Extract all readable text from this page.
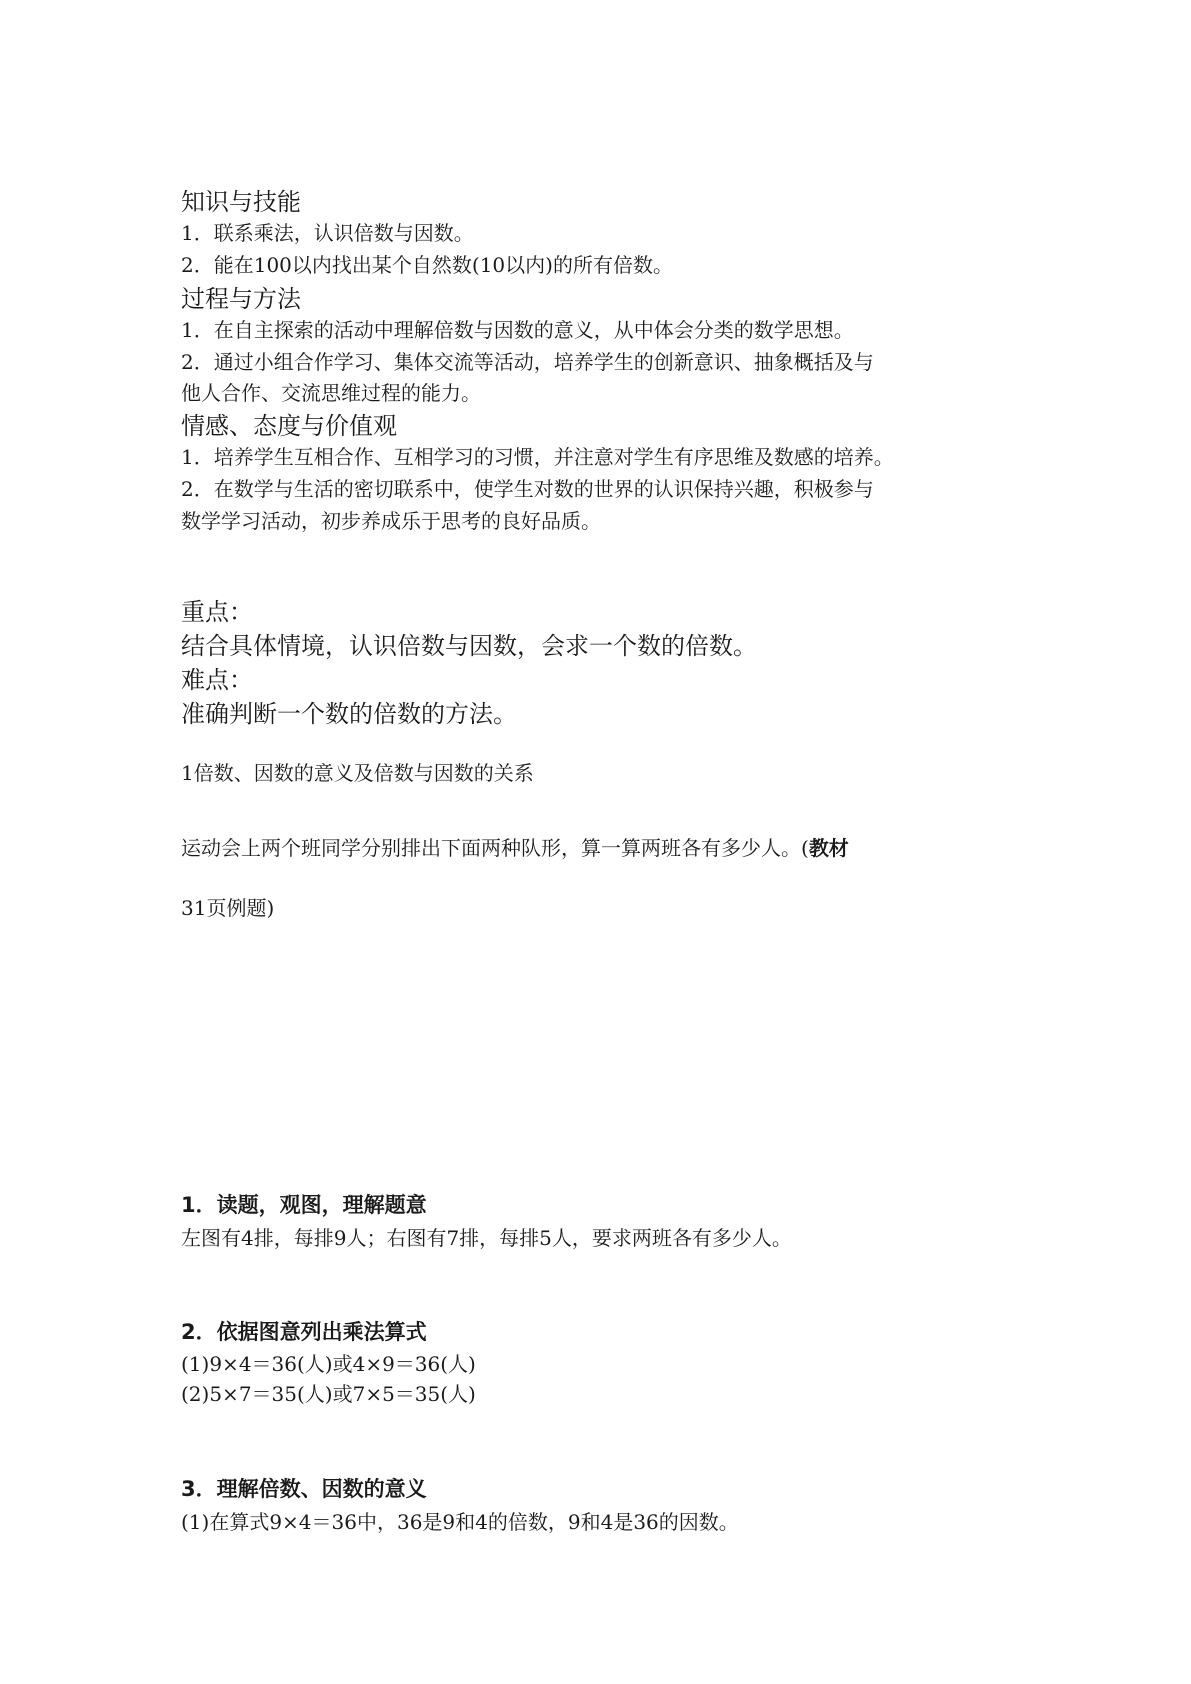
知识与技能
1．联系乘法，认识倍数与因数。
2．能在100以内找出某个自然数(10以内)的所有倍数。
过程与方法
1．在自主探索的活动中理解倍数与因数的意义，从中体会分类的数学思想。
2．通过小组合作学习、集体交流等活动，培养学生的创新意识、抽象概括及与
他人合作、交流思维过程的能力。
情感、态度与价值观
1．培养学生互相合作、互相学习的习惯，并注意对学生有序思维及数感的培养。
2．在数学与生活的密切联系中，使学生对数的世界的认识保持兴趣，积极参与
数学学习活动，初步养成乐于思考的良好品质。
重点：
结合具体情境，认识倍数与因数，会求一个数的倍数。
难点：
准确判断一个数的倍数的方法。
1倍数、因数的意义及倍数与因数的关系
运动会上两个班同学分别排出下面两种队形，算一算两班各有多少人。(教材
31页例题)
1．读题，观图，理解题意
左图有4排，每排9人；右图有7排，每排5人，要求两班各有多少人。
2．依据图意列出乘法算式
(1)9×4＝36(人)或4×9＝36(人)
(2)5×7＝35(人)或7×5＝35(人)
3．理解倍数、因数的意义
(1)在算式9×4＝36中，36是9和4的倍数，9和4是36的因数。
